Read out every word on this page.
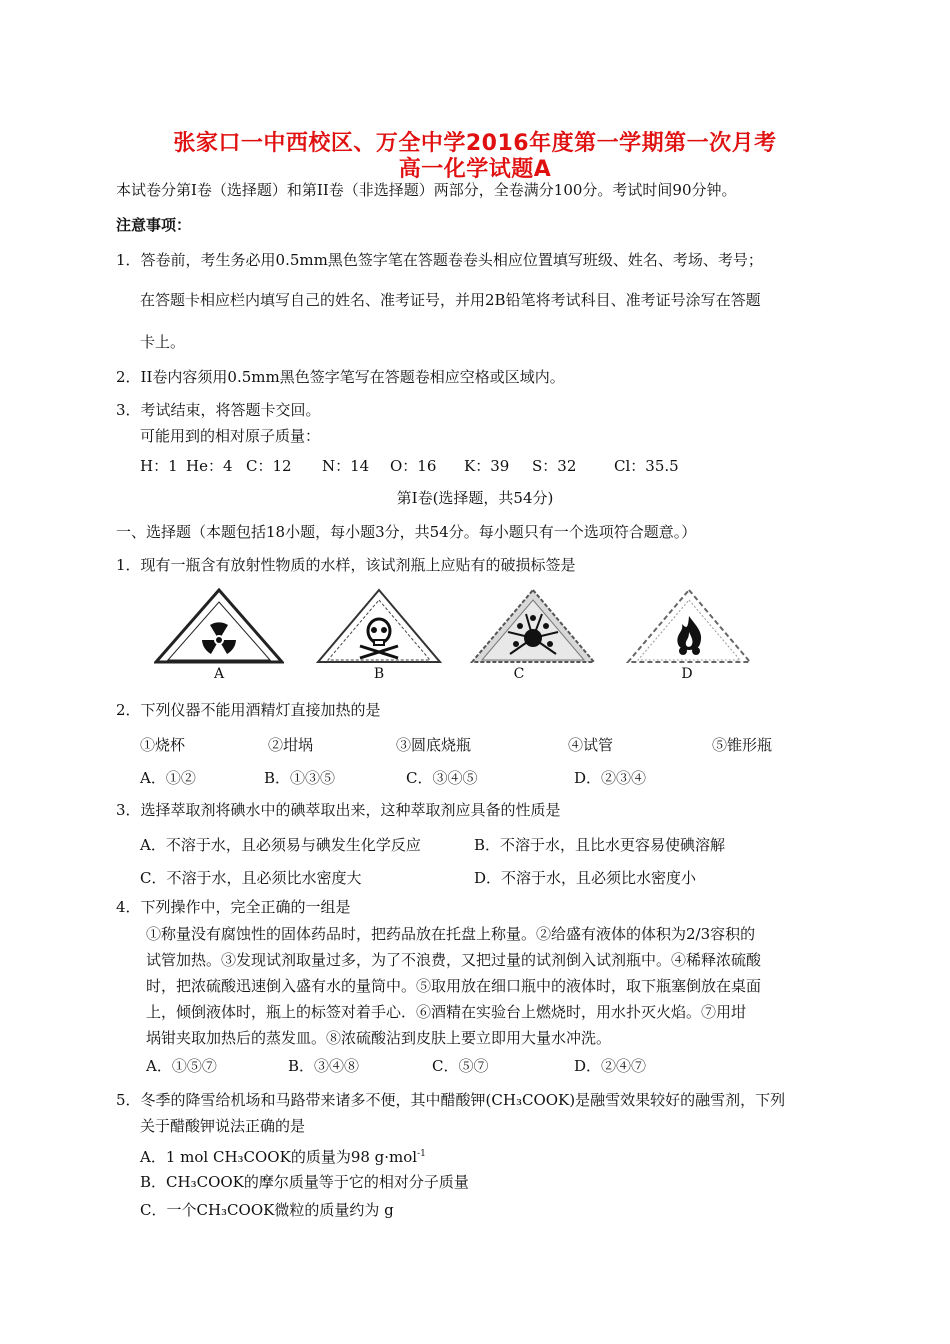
张家口一中西校区、万全中学2016年度第一学期第一次月考
高一化学试题A
本试卷分第Ⅰ卷（选择题）和第II卷（非选择题）两部分，全卷满分100分。考试时间90分钟。
注意事项：
1．答卷前，考生务必用0.5mm黑色签字笔在答题卷卷头相应位置填写班级、姓名、考场、考号；
在答题卡相应栏内填写自己的姓名、准考证号，并用2B铅笔将考试科目、准考证号涂写在答题
卡上。
2．II卷内容须用0.5mm黑色签字笔写在答题卷相应空格或区域内。
3．考试结束，将答题卡交回。
可能用到的相对原子质量：
H：1 He：4 C：12 N：14 O：16 K：39 S：32	Cl：35.5
第Ⅰ卷(选择题，共54分)
一、选择题（本题包括18小题，每小题3分，共54分。每小题只有一个选项符合题意。）
1．现有一瓶含有放射性物质的水样，该试剂瓶上应贴有的破损标签是
A	B	C	D
2．下列仪器不能用酒精灯直接加热的是
①烧杯	②坩埚	③圆底烧瓶	④试管	⑤锥形瓶
A．①②	B．①③⑤	C．③④⑤	D．②③④
3．选择萃取剂将碘水中的碘萃取出来，这种萃取剂应具备的性质是
A．不溶于水，且必须易与碘发生化学反应	B．不溶于水，且比水更容易使碘溶解
C．不溶于水，且必须比水密度大	D．不溶于水，且必须比水密度小
4．下列操作中，完全正确的一组是
①称量没有腐蚀性的固体药品时，把药品放在托盘上称量。②给盛有液体的体积为2/3容积的
试管加热。③发现试剂取量过多，为了不浪费，又把过量的试剂倒入试剂瓶中。④稀释浓硫酸
时，把浓硫酸迅速倒入盛有水的量筒中。⑤取用放在细口瓶中的液体时，取下瓶塞倒放在桌面
上，倾倒液体时，瓶上的标签对着手心．⑥酒精在实验台上燃烧时，用水扑灭火焰。⑦用坩
埚钳夹取加热后的蒸发皿。⑧浓硫酸沾到皮肤上要立即用大量水冲洗。
A．①⑤⑦	B．③④⑧	C．⑤⑦	D．②④⑦
5．冬季的降雪给机场和马路带来诸多不便，其中醋酸钾(CH₃COOK)是融雪效果较好的融雪剂，下列
关于醋酸钾说法正确的是
A．1 mol CH₃COOK的质量为98 g·mol$^{-1}$
B．CH₃COOK的摩尔质量等于它的相对分子质量
C．一个CH₃COOK微粒的质量约为 g
